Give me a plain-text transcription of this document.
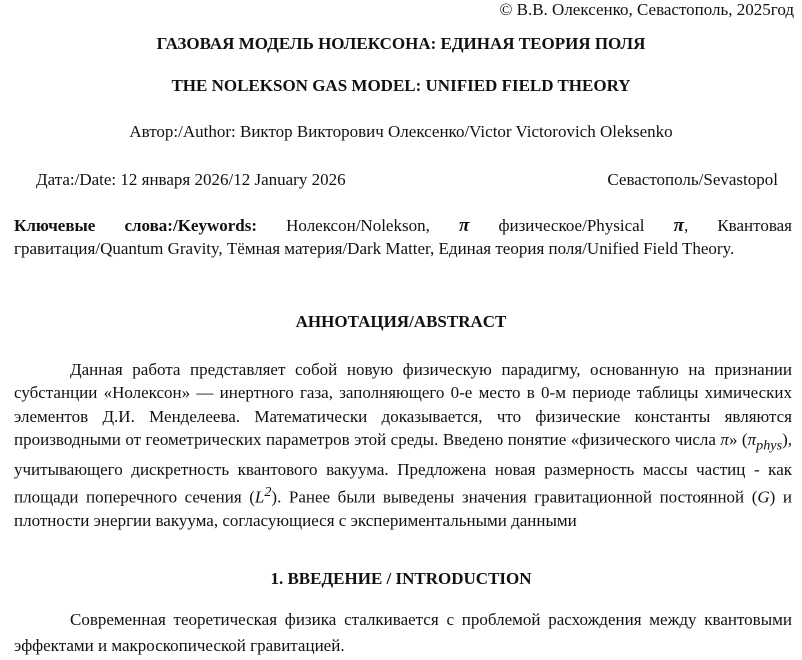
© В.В. Олексенко, Севастополь, 2025год
ГАЗОВАЯ МОДЕЛЬ НОЛЕКСОНА: ЕДИНАЯ ТЕОРИЯ ПОЛЯ
THE NOLEKSON GAS MODEL: UNIFIED FIELD THEORY
Автор:/Author: Виктор Викторович Олексенко/Victor Victorovich Oleksenko
Дата:/Date: 12 января 2026/12 January 2026	Севастополь/Sevastopol
Ключевые слова:/Keywords: Нолексон/Nolekson, π физическое/Physical π, Квантовая гравитация/Quantum Gravity, Тёмная материя/Dark Matter, Единая теория поля/Unified Field Theory.
АННОТАЦИЯ/ABSTRACT
Данная работа представляет собой новую физическую парадигму, основанную на признании субстанции «Нолексон» — инертного газа, заполняющего 0-е место в 0-м периоде таблицы химических элементов Д.И. Менделеева. Математически доказывается, что физические константы являются производными от геометрических параметров этой среды. Введено понятие «физического числа π» $(\pi_{phys})$, учитывающего дискретность квантового вакуума. Предложена новая размерность массы частиц - как площади поперечного сечения $(L^2)$. Ранее были выведены значения гравитационной постоянной (G) и плотности энергии вакуума, согласующиеся с экспериментальными данными
1. ВВЕДЕНИЕ / INTRODUCTION
Современная теоретическая физика сталкивается с проблемой расхождения между квантовыми эффектами и макроскопической гравитацией.
